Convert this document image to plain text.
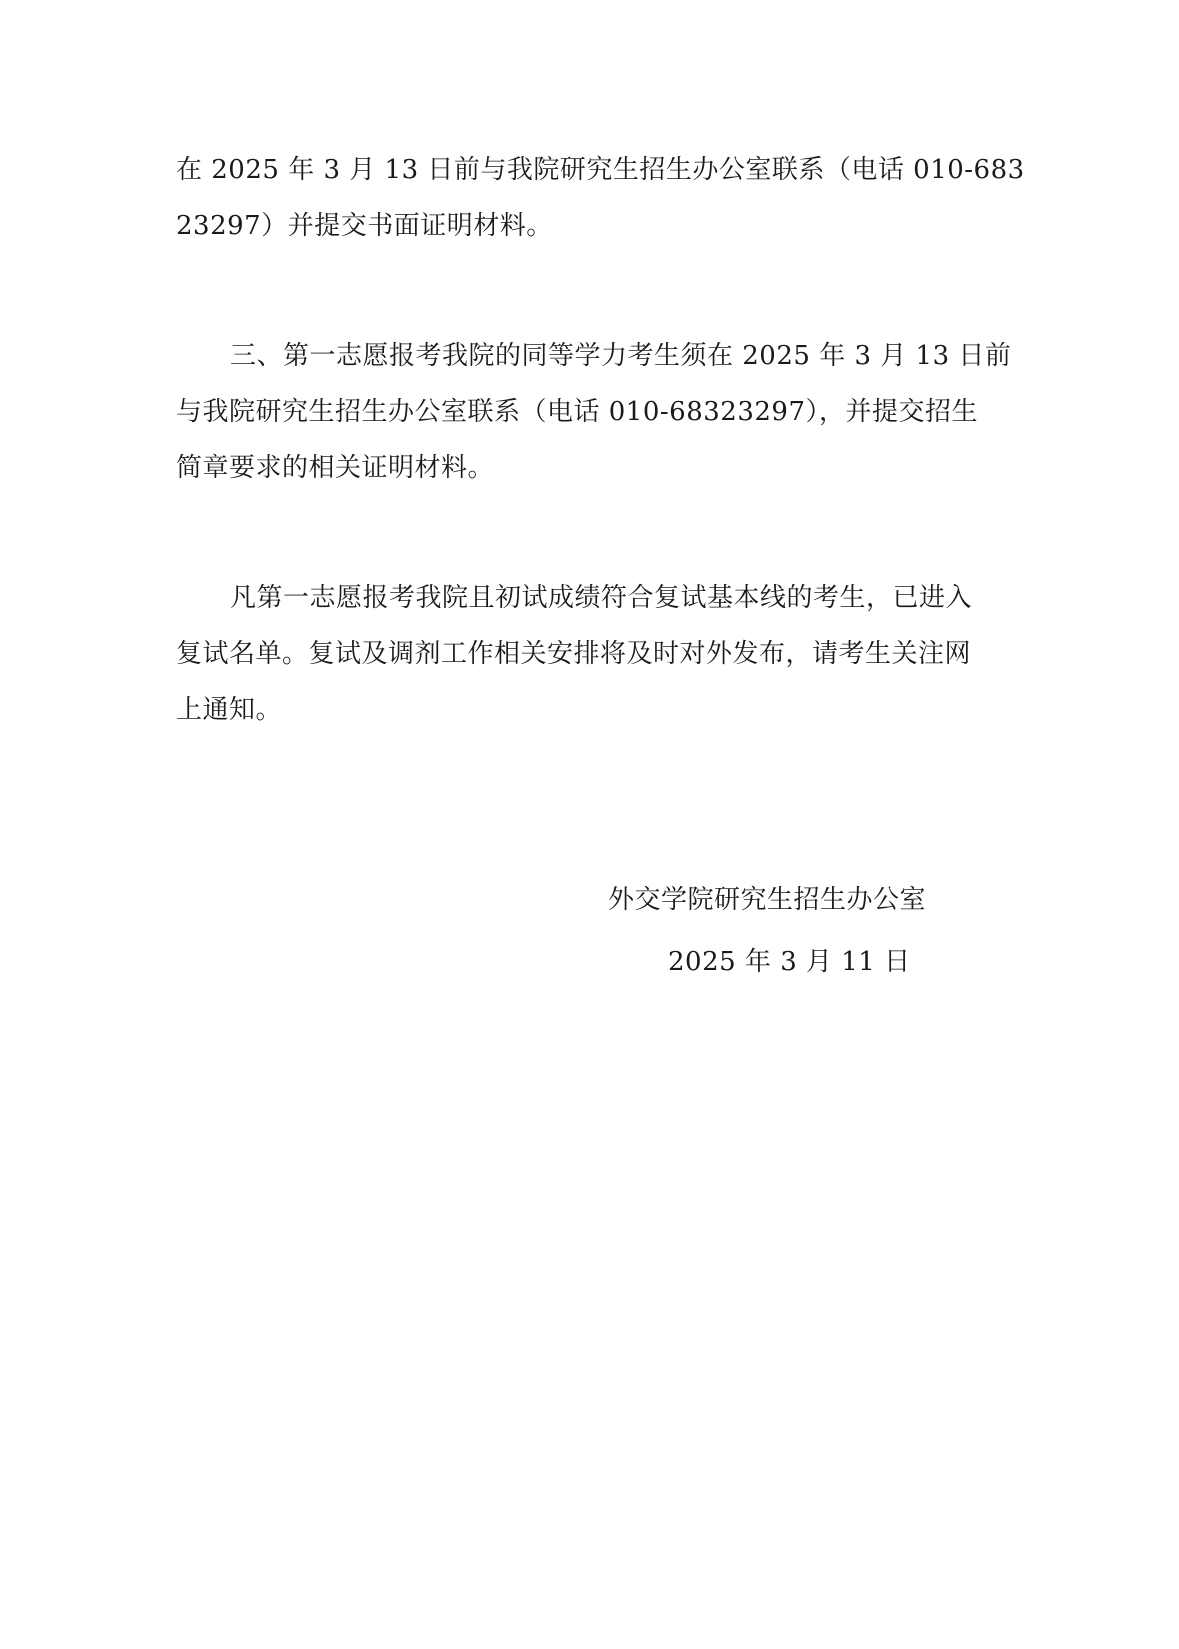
在 2025 年 3 月 13 日前与我院研究生招生办公室联系（电话 010-683
23297）并提交书面证明材料。

三、第一志愿报考我院的同等学力考生须在 2025 年 3 月 13 日前
与我院研究生招生办公室联系（电话 010-68323297），并提交招生
简章要求的相关证明材料。

凡第一志愿报考我院且初试成绩符合复试基本线的考生，已进入
复试名单。复试及调剂工作相关安排将及时对外发布，请考生关注网
上通知。

外交学院研究生招生办公室

2025 年 3 月 11 日
